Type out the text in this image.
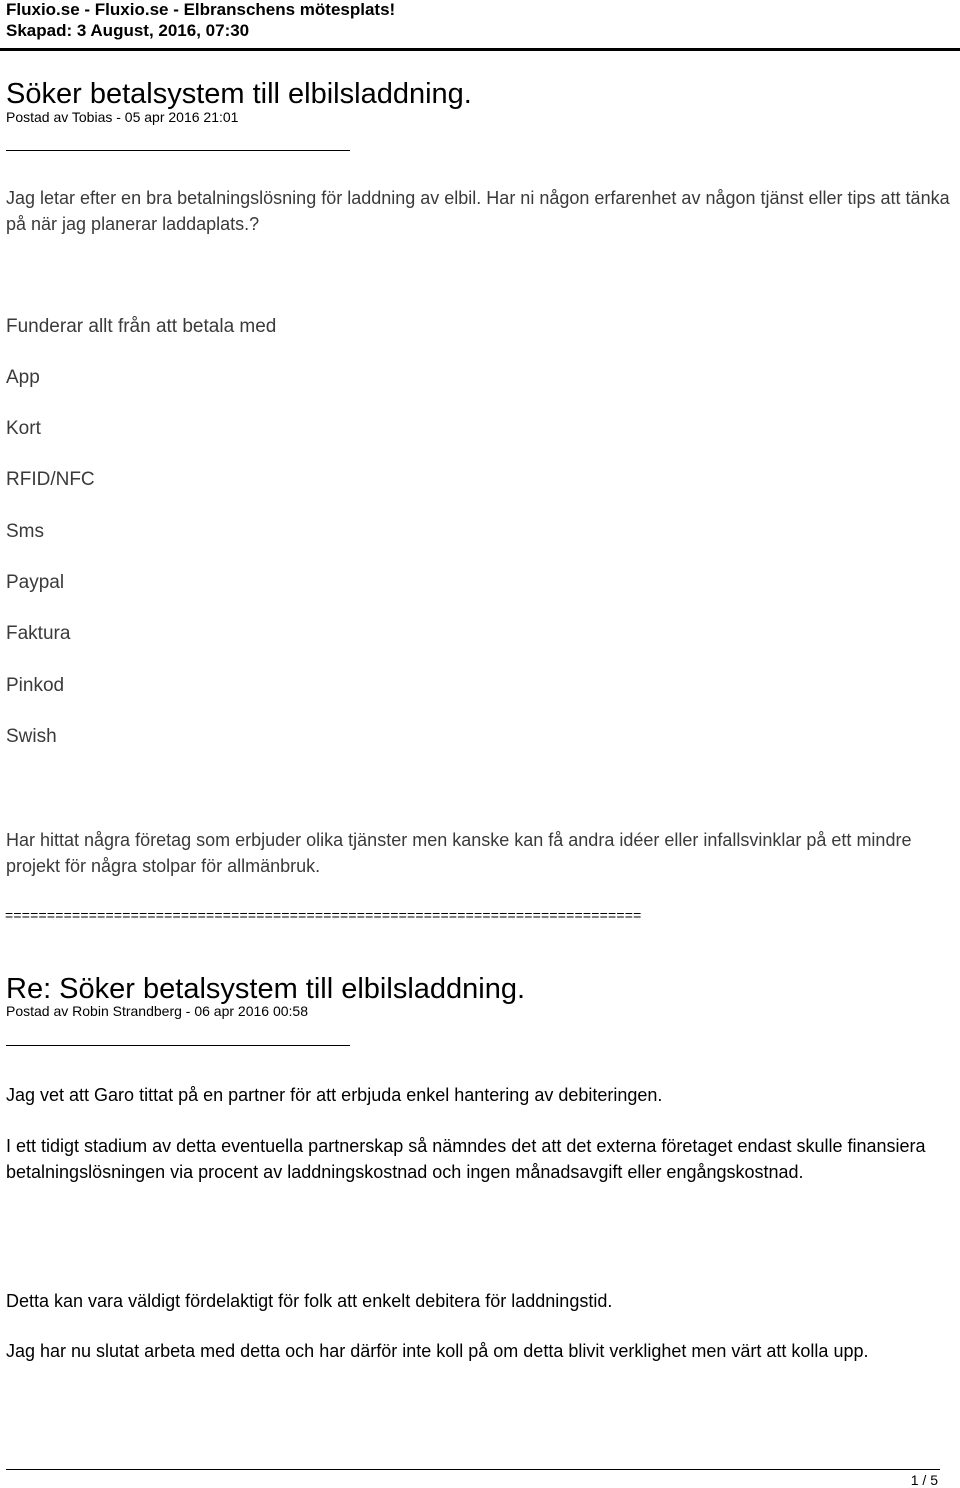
Fluxio.se - Fluxio.se - Elbranschens mötesplats!
Skapad: 3 August, 2016, 07:30
Söker betalsystem till elbilsladdning.
Postad av Tobias - 05 apr 2016 21:01
Jag letar efter en bra betalningslösning för laddning av elbil. Har ni någon erfarenhet av någon tjänst eller tips att tänka på när jag planerar laddaplats.?
Funderar allt från att betala med
App
Kort
RFID/NFC
Sms
Paypal
Faktura
Pinkod
Swish
Har hittat några företag som erbjuder olika tjänster men kanske kan få andra idéer eller infallsvinklar på ett mindre projekt för några stolpar för allmänbruk.
============================================================================
Re: Söker betalsystem till elbilsladdning.
Postad av Robin Strandberg - 06 apr 2016 00:58
Jag vet att Garo tittat på en partner för att erbjuda enkel hantering av debiteringen.
I ett tidigt stadium av detta eventuella partnerskap så nämndes det att det externa företaget endast skulle finansiera betalningslösningen via procent av laddningskostnad och ingen månadsavgift eller engångskostnad.
Detta kan vara väldigt fördelaktigt för folk att enkelt debitera för laddningstid.
Jag har nu slutat arbeta med detta och har därför inte koll på om detta blivit verklighet men värt att kolla upp.
1 / 5
